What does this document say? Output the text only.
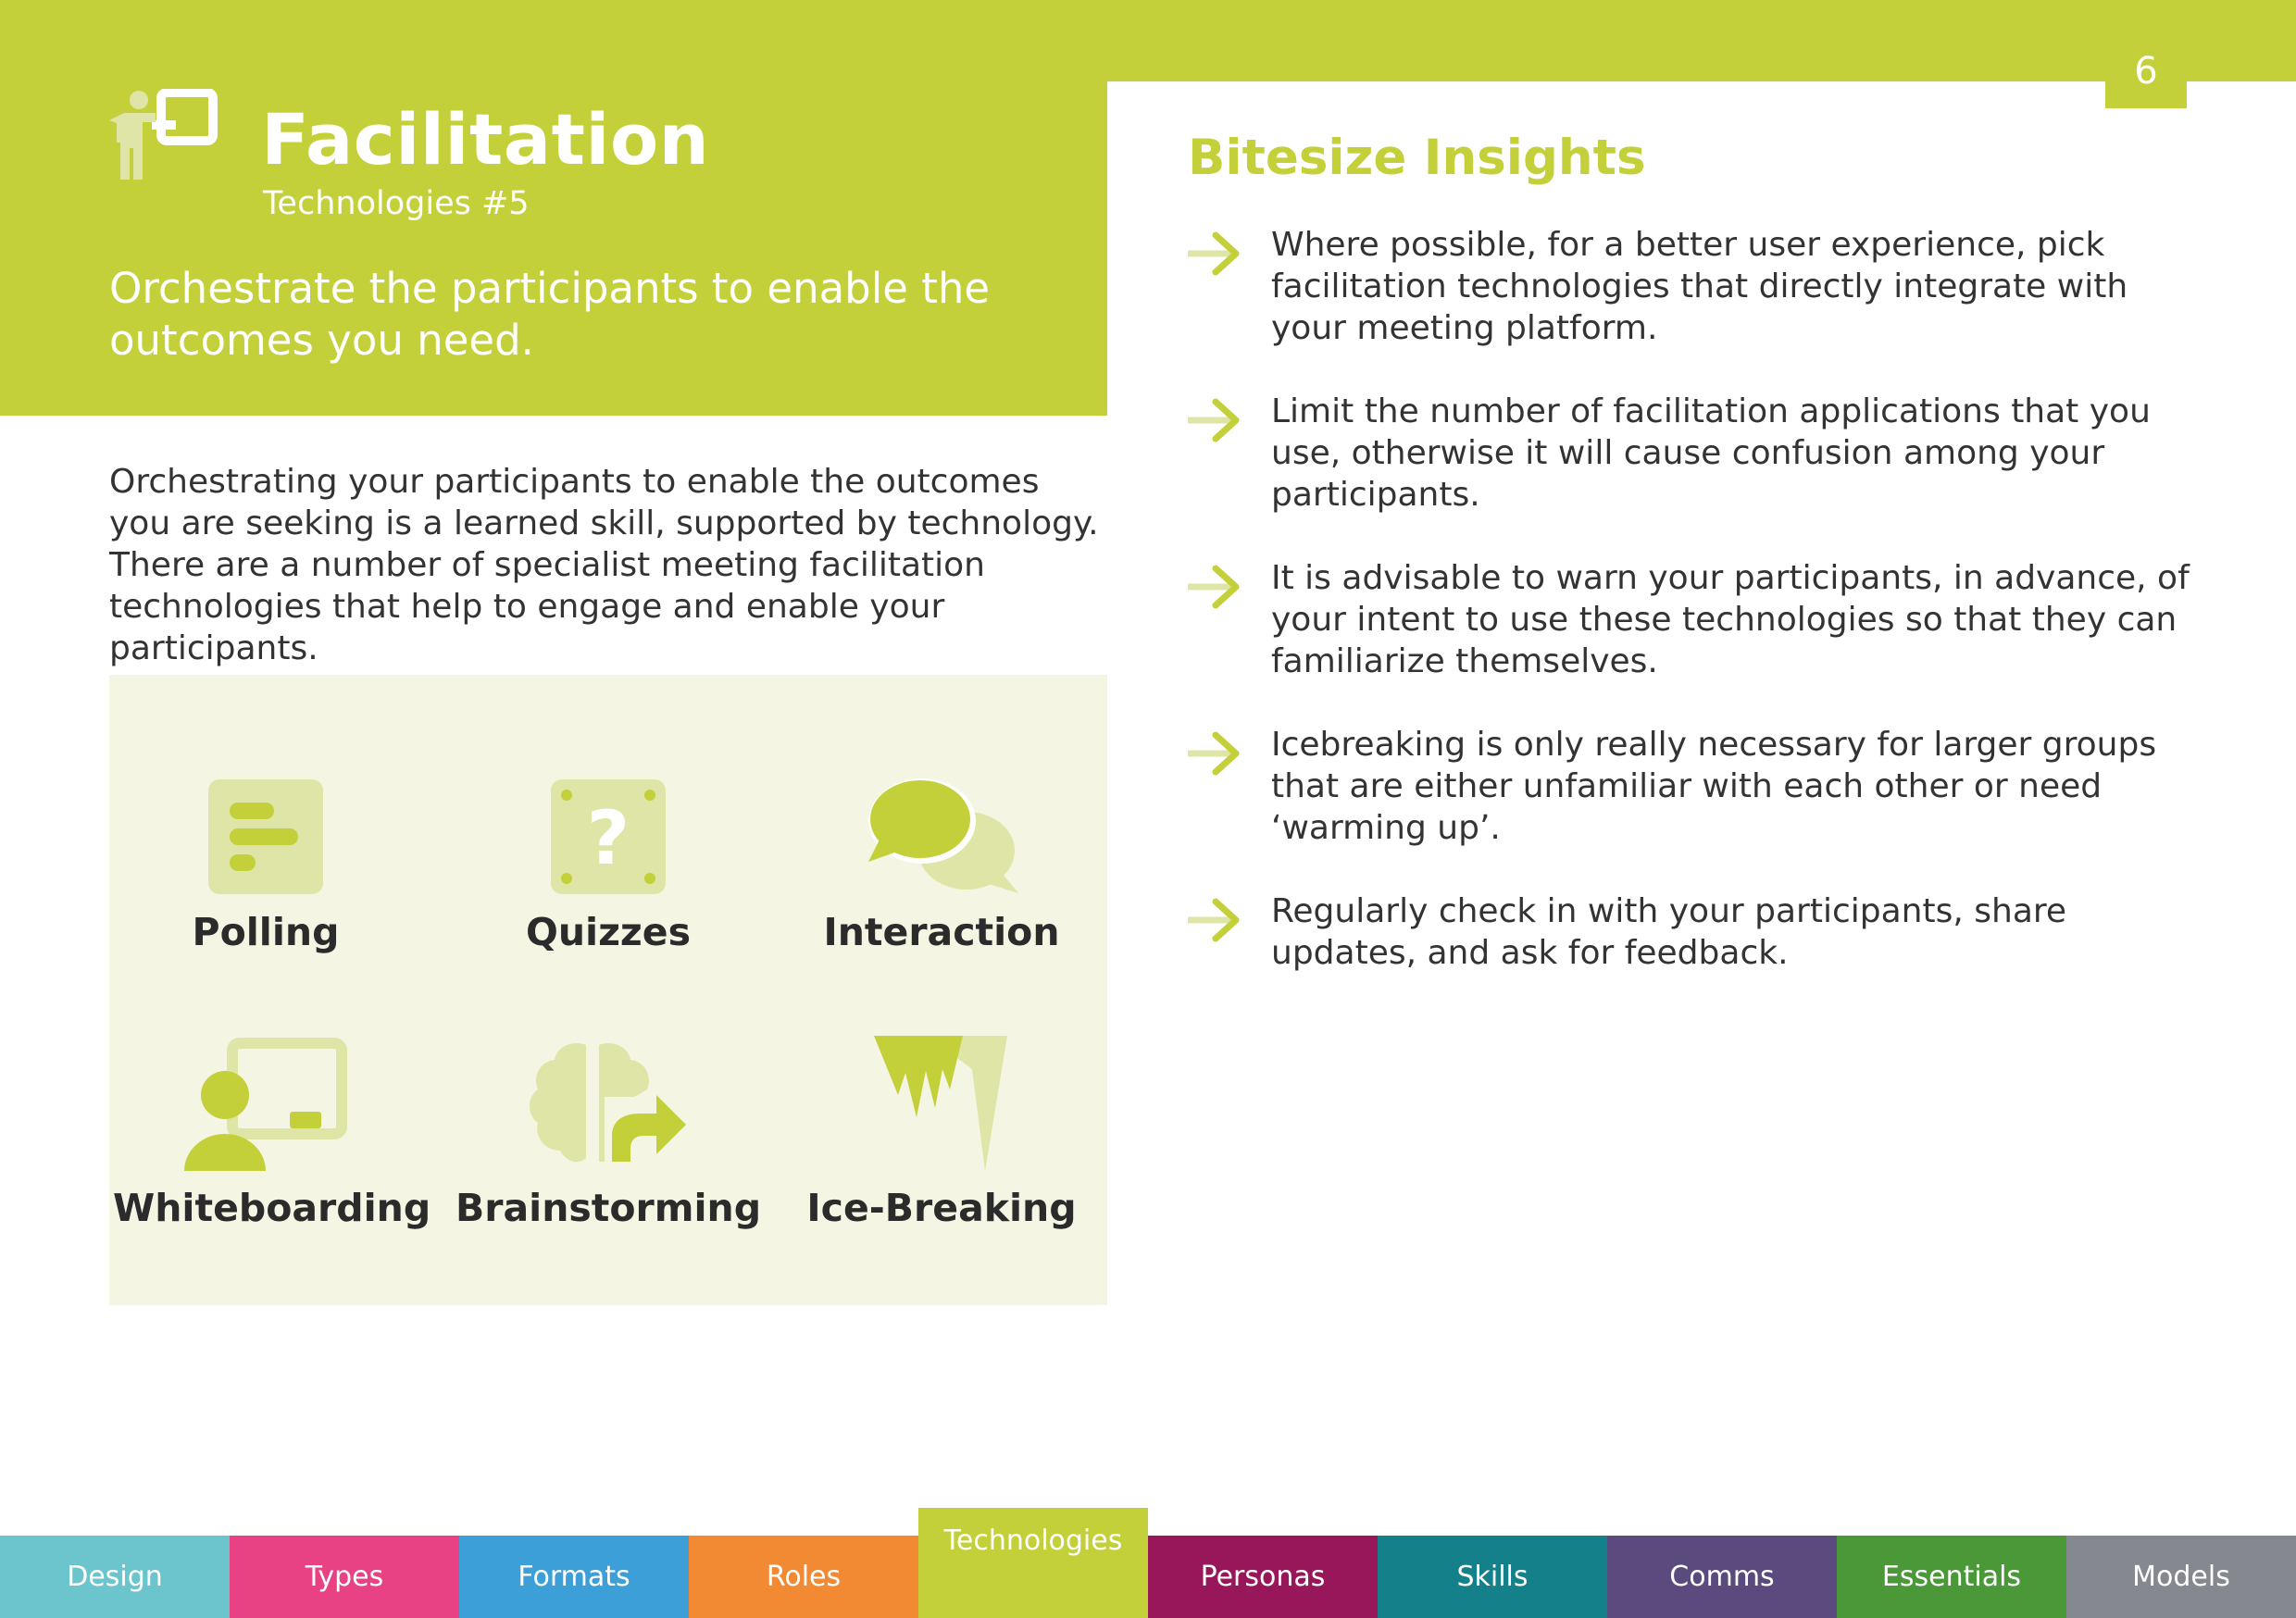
6
Facilitation
Technologies #5
Orchestrate the participants to enable the outcomes you need.
Orchestrating your participants to enable the outcomes you are seeking is a learned skill, supported by technology. There are a number of specialist meeting facilitation technologies that help to engage and enable your participants.
Polling
?
Quizzes	Interaction
Whiteboarding Brainstorming	Ice-Breaking
Bitesize Insights
Where possible, for a better user experience, pick facilitation technologies that directly integrate with your meeting platform.
Limit the number of facilitation applications that you use, otherwise it will cause confusion among your participants.
It is advisable to warn your participants, in advance, of your intent to use these technologies so that they can familiarize themselves.
Icebreaking is only really necessary for larger groups that are either unfamiliar with each other or need ‘warming up’.
Regularly check in with your participants, share updates, and ask for feedback.
Design	Types	Formats	Roles
Technologies
Personas	Skills	Comms	Essentials	Models
